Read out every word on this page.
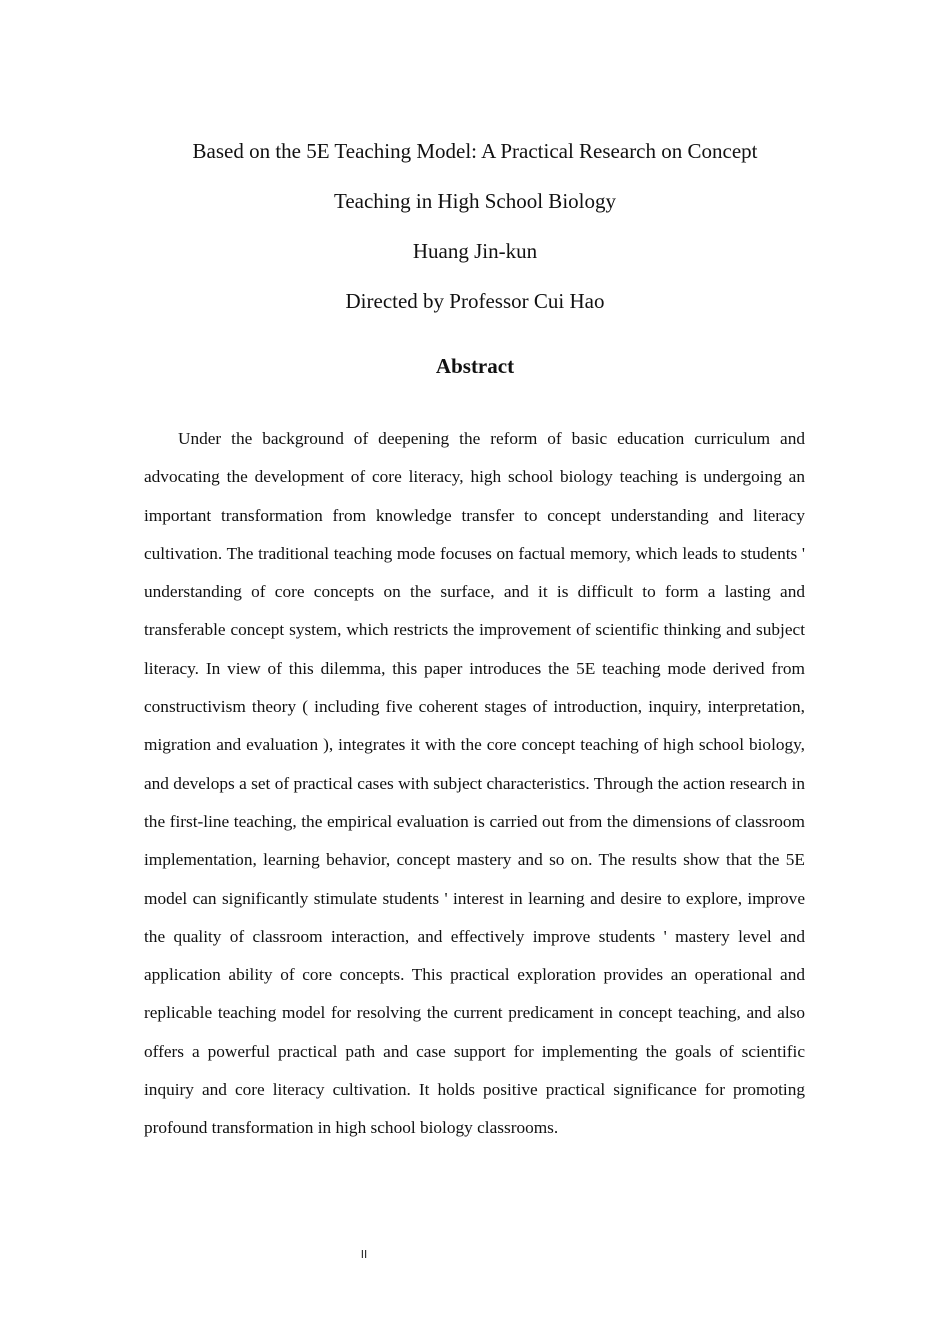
Based on the 5E Teaching Model: A Practical Research on Concept
Teaching in High School Biology
Huang Jin-kun
Directed by Professor Cui Hao
Abstract

Under the background of deepening the reform of basic education curriculum and advocating the development of core literacy, high school biology teaching is undergoing an important transformation from knowledge transfer to concept understanding and literacy cultivation. The traditional teaching mode focuses on factual memory, which leads to students ' understanding of core concepts on the surface, and it is difficult to form a lasting and transferable concept system, which restricts the improvement of scientific thinking and subject literacy. In view of this dilemma, this paper introduces the 5E teaching mode derived from constructivism theory ( including five coherent stages of introduction, inquiry, interpretation, migration and evaluation ), integrates it with the core concept teaching of high school biology, and develops a set of practical cases with subject characteristics. Through the action research in the first-line teaching, the empirical evaluation is carried out from the dimensions of classroom implementation, learning behavior, concept mastery and so on. The results show that the 5E model can significantly stimulate students ' interest in learning and desire to explore, improve the quality of classroom interaction, and effectively improve students ' mastery level and application ability of core concepts. This practical exploration provides an operational and replicable teaching model for resolving the current predicament in concept teaching, and also offers a powerful practical path and case support for implementing the goals of scientific inquiry and core literacy cultivation. It holds positive practical significance for promoting profound transformation in high school biology classrooms.

II
